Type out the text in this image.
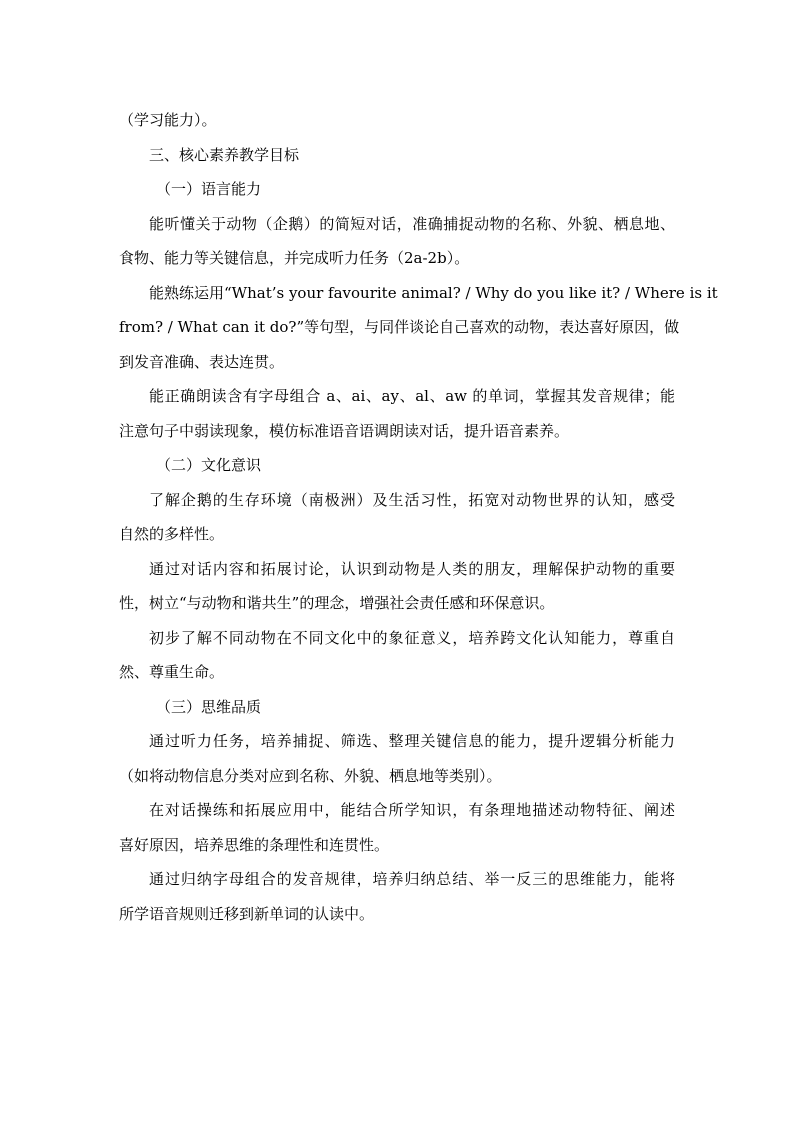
（学习能力）。
三、核心素养教学目标
（一）语言能力
能听懂关于动物（企鹅）的简短对话，准确捕捉动物的名称、外貌、栖息地、
食物、能力等关键信息，并完成听力任务（2a-2b）。
能熟练运用“What’s your favourite animal? / Why do you like it? / Where is it
from? / What can it do?”等句型，与同伴谈论自己喜欢的动物，表达喜好原因，做
到发音准确、表达连贯。
能正确朗读含有字母组合 a、ai、ay、al、aw 的单词，掌握其发音规律；能
注意句子中弱读现象，模仿标准语音语调朗读对话，提升语音素养。
（二）文化意识
了解企鹅的生存环境（南极洲）及生活习性，拓宽对动物世界的认知，感受
自然的多样性。
通过对话内容和拓展讨论，认识到动物是人类的朋友，理解保护动物的重要
性，树立“与动物和谐共生”的理念，增强社会责任感和环保意识。
初步了解不同动物在不同文化中的象征意义，培养跨文化认知能力，尊重自
然、尊重生命。
（三）思维品质
通过听力任务，培养捕捉、筛选、整理关键信息的能力，提升逻辑分析能力
（如将动物信息分类对应到名称、外貌、栖息地等类别）。
在对话操练和拓展应用中，能结合所学知识，有条理地描述动物特征、阐述
喜好原因，培养思维的条理性和连贯性。
通过归纳字母组合的发音规律，培养归纳总结、举一反三的思维能力，能将
所学语音规则迁移到新单词的认读中。
